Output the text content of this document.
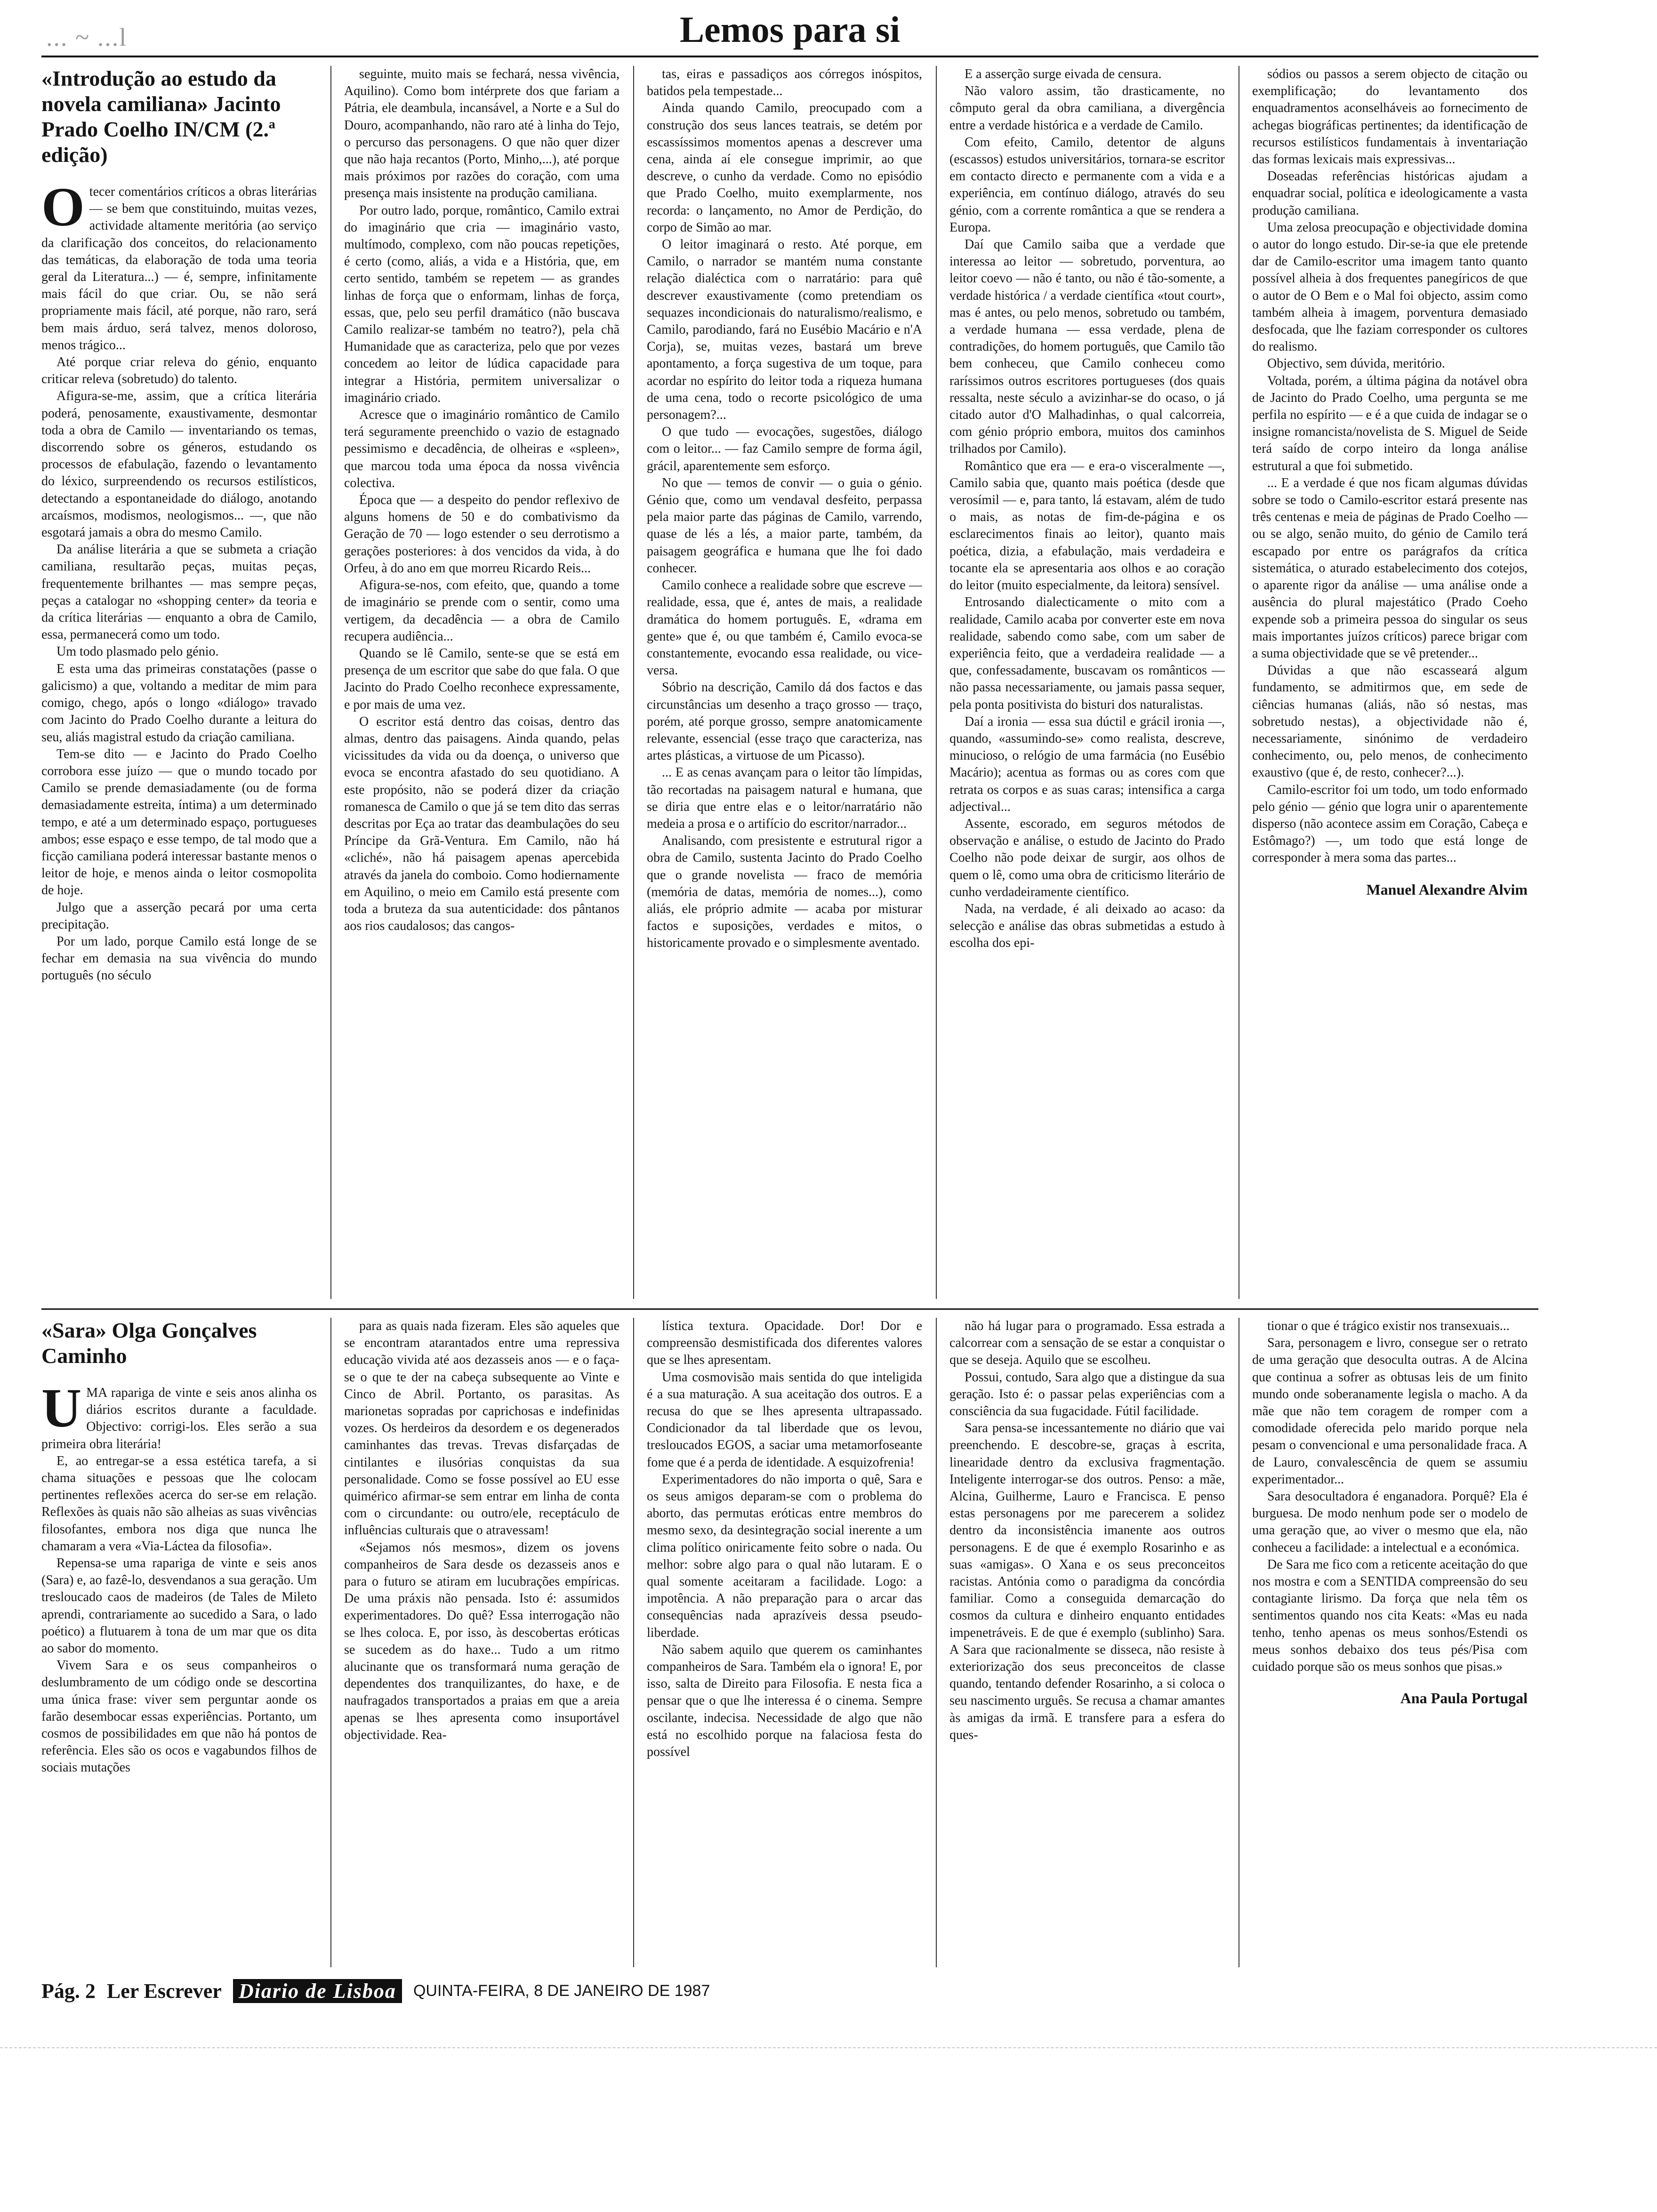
... ~ ...l	Lemos para si
«Introdução ao estudo da novela camiliana» Jacinto Prado Coelho IN/CM (2.ª edição)
O tecer comentários críticos a obras literárias — se bem que constituindo, muitas vezes, actividade altamente meritória (ao serviço da clarificação dos conceitos, do relacionamento das temáticas, da elaboração de toda uma teoria geral da Literatura...) — é, sempre, infinitamente mais fácil do que criar. Ou, se não será propriamente mais fácil, até porque, não raro, será bem mais árduo, será talvez, menos doloroso, menos trágico...

Até porque criar releva do génio, enquanto criticar releva (sobretudo) do talento.

Afigura-se-me, assim, que a crítica literária poderá, penosamente, exaustivamente, desmontar toda a obra de Camilo — inventariando os temas, discorrendo sobre os géneros, estudando os processos de efabulação, fazendo o levantamento do léxico, surpreendendo os recursos estilísticos, detectando a espontaneidade do diálogo, anotando arcaísmos, modismos, neologismos... —, que não esgotará jamais a obra do mesmo Camilo.

Da análise literária a que se submeta a criação camiliana, resultarão peças, muitas peças, frequentemente brilhantes — mas sempre peças, peças a catalogar no «shopping center» da teoria e da crítica literárias — enquanto a obra de Camilo, essa, permanecerá como um todo.

Um todo plasmado pelo génio.

E esta uma das primeiras constatações (passe o galicismo) a que, voltando a meditar de mim para comigo, chego, após o longo «diálogo» travado com Jacinto do Prado Coelho durante a leitura do seu, aliás magistral estudo da criação camiliana.

Tem-se dito — e Jacinto do Prado Coelho corrobora esse juízo — que o mundo tocado por Camilo se prende demasiadamente (ou de forma demasiadamente estreita, íntima) a um determinado tempo, e até a um determinado espaço, portugueses ambos; esse espaço e esse tempo, de tal modo que a ficção camiliana poderá interessar bastante menos o leitor de hoje, e menos ainda o leitor cosmopolita de hoje.

Julgo que a asserção pecará por uma certa precipitação.

Por um lado, porque Camilo está longe de se fechar em demasia na sua vivência do mundo português (no século

seguinte, muito mais se fechará, nessa vivência, Aquilino). Como bom intérprete dos que fariam a Pátria, ele deambula, incansável, a Norte e a Sul do Douro, acompanhando, não raro até à linha do Tejo, o percurso das personagens. O que não quer dizer que não haja recantos (Porto, Minho,...), até porque mais próximos por razões do coração, com uma presença mais insistente na produção camiliana.

Por outro lado, porque, romântico, Camilo extrai do imaginário que cria — imaginário vasto, multímodo, complexo, com não poucas repetições, é certo (como, aliás, a vida e a História, que, em certo sentido, também se repetem — as grandes linhas de força que o enformam, linhas de força, essas, que, pelo seu perfil dramático (não buscava Camilo realizar-se também no teatro?), pela chã Humanidade que as caracteriza, pelo que por vezes concedem ao leitor de lúdica capacidade para integrar a História, permitem universalizar o imaginário criado.

Acresce que o imaginário romântico de Camilo terá seguramente preenchido o vazio de estagnado pessimismo e decadência, de olheiras e «spleen», que marcou toda uma época da nossa vivência colectiva.

Época que — a despeito do pendor reflexivo de alguns homens de 50 e do combativismo da Geração de 70 — logo estender o seu derrotismo a gerações posteriores: à dos vencidos da vida, à do Orfeu, à do ano em que morreu Ricardo Reis...

Afigura-se-nos, com efeito, que, quando a tome de imaginário se prende com o sentir, como uma vertigem, da decadência — a obra de Camilo recupera audiência...

Quando se lê Camilo, sente-se que se está em presença de um escritor que sabe do que fala. O que Jacinto do Prado Coelho reconhece expressamente, e por mais de uma vez.

O escritor está dentro das coisas, dentro das almas, dentro das paisagens. Ainda quando, pelas vicissitudes da vida ou da doença, o universo que evoca se encontra afastado do seu quotidiano. A este propósito, não se poderá dizer da criação romanesca de Camilo o que já se tem dito das serras descritas por Eça ao tratar das deambulações do seu Príncipe da Grã-Ventura. Em Camilo, não há «cliché», não há paisagem apenas apercebida através da janela do comboio. Como hodiernamente em Aquilino, o meio em Camilo está presente com toda a bruteza da sua autenticidade: dos pântanos aos rios caudalosos; das cangos-

tas, eiras e passadiços aos córregos inóspitos, batidos pela tempestade...

Ainda quando Camilo, preocupado com a construção dos seus lances teatrais, se detém por escassíssimos momentos apenas a descrever uma cena, ainda aí ele consegue imprimir, ao que descreve, o cunho da verdade. Como no episódio que Prado Coelho, muito exemplarmente, nos recorda: o lançamento, no Amor de Perdição, do corpo de Simão ao mar.

O leitor imaginará o resto. Até porque, em Camilo, o narrador se mantém numa constante relação dialéctica com o narratário: para quê descrever exaustivamente (como pretendiam os sequazes incondicionais do naturalismo/realismo, e Camilo, parodiando, fará no Eusébio Macário e n'A Corja), se, muitas vezes, bastará um breve apontamento, a força sugestiva de um toque, para acordar no espírito do leitor toda a riqueza humana de uma cena, todo o recorte psicológico de uma personagem?...

O que tudo — evocações, sugestões, diálogo com o leitor... — faz Camilo sempre de forma ágil, grácil, aparentemente sem esforço.

No que — temos de convir — o guia o génio. Génio que, como um vendaval desfeito, perpassa pela maior parte das páginas de Camilo, varrendo, quase de lés a lés, a maior parte, também, da paisagem geográfica e humana que lhe foi dado conhecer.

Camilo conhece a realidade sobre que escreve — realidade, essa, que é, antes de mais, a realidade dramática do homem português. E, «drama em gente» que é, ou que também é, Camilo evoca-se constantemente, evocando essa realidade, ou vice-versa.

Sóbrio na descrição, Camilo dá dos factos e das circunstâncias um desenho a traço grosso — traço, porém, até porque grosso, sempre anatomicamente relevante, essencial (esse traço que caracteriza, nas artes plásticas, a virtuose de um Picasso).

... E as cenas avançam para o leitor tão límpidas, tão recortadas na paisagem natural e humana, que se diria que entre elas e o leitor/narratário não medeia a prosa e o artifício do escritor/narrador...

Analisando, com presistente e estrutural rigor a obra de Camilo, sustenta Jacinto do Prado Coelho que o grande novelista — fraco de memória (memória de datas, memória de nomes...), como aliás, ele próprio admite — acaba por misturar factos e suposições, verdades e mitos, o historicamente provado e o simplesmente aventado.

E a asserção surge eivada de censura.

Não valoro assim, tão drasticamente, no cômputo geral da obra camiliana, a divergência entre a verdade histórica e a verdade de Camilo.

Com efeito, Camilo, detentor de alguns (escassos) estudos universitários, tornara-se escritor em contacto directo e permanente com a vida e a experiência, em contínuo diálogo, através do seu génio, com a corrente romântica a que se rendera a Europa.

Daí que Camilo saiba que a verdade que interessa ao leitor — sobretudo, porventura, ao leitor coevo — não é tanto, ou não é tão-somente, a verdade histórica / a verdade científica «tout court», mas é antes, ou pelo menos, sobretudo ou também, a verdade humana — essa verdade, plena de contradições, do homem português, que Camilo tão bem conheceu, que Camilo conheceu como raríssimos outros escritores portugueses (dos quais ressalta, neste século a avizinhar-se do ocaso, o já citado autor d'O Malhadinhas, o qual calcorreia, com génio próprio embora, muitos dos caminhos trilhados por Camilo).

Romântico que era — e era-o visceralmente —, Camilo sabia que, quanto mais poética (desde que verosímil — e, para tanto, lá estavam, além de tudo o mais, as notas de fim-de-página e os esclarecimentos finais ao leitor), quanto mais poética, dizia, a efabulação, mais verdadeira e tocante ela se apresentaria aos olhos e ao coração do leitor (muito especialmente, da leitora) sensível.

Entrosando dialecticamente o mito com a realidade, Camilo acaba por converter este em nova realidade, sabendo como sabe, com um saber de experiência feito, que a verdadeira realidade — a que, confessadamente, buscavam os românticos — não passa necessariamente, ou jamais passa sequer, pela ponta positivista do bisturi dos naturalistas.

Daí a ironia — essa sua dúctil e grácil ironia —, quando, «assumindo-se» como realista, descreve, minucioso, o relógio de uma farmácia (no Eusébio Macário); acentua as formas ou as cores com que retrata os corpos e as suas caras; intensifica a carga adjectival...

Assente, escorado, em seguros métodos de observação e análise, o estudo de Jacinto do Prado Coelho não pode deixar de surgir, aos olhos de quem o lê, como uma obra de criticismo literário de cunho verdadeiramente científico.

Nada, na verdade, é ali deixado ao acaso: da selecção e análise das obras submetidas a estudo à escolha dos epi-

sódios ou passos a serem objecto de citação ou exemplificação; do levantamento dos enquadramentos aconselháveis ao fornecimento de achegas biográficas pertinentes; da identificação de recursos estilísticos fundamentais à inventariação das formas lexicais mais expressivas...

Doseadas referências históricas ajudam a enquadrar social, política e ideologicamente a vasta produção camiliana.

Uma zelosa preocupação e objectividade domina o autor do longo estudo. Dir-se-ia que ele pretende dar de Camilo-escritor uma imagem tanto quanto possível alheia à dos frequentes panegíricos de que o autor de O Bem e o Mal foi objecto, assim como também alheia à imagem, porventura demasiado desfocada, que lhe faziam corresponder os cultores do realismo.

Objectivo, sem dúvida, meritório.

Voltada, porém, a última página da notável obra de Jacinto do Prado Coelho, uma pergunta se me perfila no espírito — e é a que cuida de indagar se o insigne romancista/novelista de S. Miguel de Seide terá saído de corpo inteiro da longa análise estrutural a que foi submetido.

... E a verdade é que nos ficam algumas dúvidas sobre se todo o Camilo-escritor estará presente nas três centenas e meia de páginas de Prado Coelho — ou se algo, senão muito, do génio de Camilo terá escapado por entre os parágrafos da crítica sistemática, o aturado estabelecimento dos cotejos, o aparente rigor da análise — uma análise onde a ausência do plural majestático (Prado Coeho expende sob a primeira pessoa do singular os seus mais importantes juízos críticos) parece brigar com a suma objectividade que se vê pretender...

Dúvidas a que não escasseará algum fundamento, se admitirmos que, em sede de ciências humanas (aliás, não só nestas, mas sobretudo nestas), a objectividade não é, necessariamente, sinónimo de verdadeiro conhecimento, ou, pelo menos, de conhecimento exaustivo (que é, de resto, conhecer?...).

Camilo-escritor foi um todo, um todo enformado pelo génio — génio que logra unir o aparentemente disperso (não acontece assim em Coração, Cabeça e Estômago?) —, um todo que está longe de corresponder à mera soma das partes...

Manuel Alexandre Alvim
«Sara» Olga Gonçalves Caminho
U MA rapariga de vinte e seis anos alinha os diários escritos durante a faculdade. Objectivo: corrigi-los. Eles serão a sua primeira obra literária!

E, ao entregar-se a essa estética tarefa, a si chama situações e pessoas que lhe colocam pertinentes reflexões acerca do ser-se em relação. Reflexões às quais não são alheias as suas vivências filosofantes, embora nos diga que nunca lhe chamaram a vera «Via-Láctea da filosofia».

Repensa-se uma rapariga de vinte e seis anos (Sara) e, ao fazê-lo, desvendanos a sua geração. Um tresloucado caos de madeiros (de Tales de Mileto aprendi, contrariamente ao sucedido a Sara, o lado poético) a flutuarem à tona de um mar que os dita ao sabor do momento.

Vivem Sara e os seus companheiros o deslumbramento de um código onde se descortina uma única frase: viver sem perguntar aonde os farão desembocar essas experiências. Portanto, um cosmos de possibilidades em que não há pontos de referência. Eles são os ocos e vagabundos filhos de sociais mutações

para as quais nada fizeram. Eles são aqueles que se encontram atarantados entre uma repressiva educação vivida até aos dezasseis anos — e o faça-se o que te der na cabeça subsequente ao Vinte e Cinco de Abril. Portanto, os parasitas. As marionetas sopradas por caprichosas e indefinidas vozes. Os herdeiros da desordem e os degenerados caminhantes das trevas. Trevas disfarçadas de cintilantes e ilusórias conquistas da sua personalidade. Como se fosse possível ao EU esse quimérico afirmar-se sem entrar em linha de conta com o circundante: ou outro/ele, receptáculo de influências culturais que o atravessam!

«Sejamos nós mesmos», dizem os jovens companheiros de Sara desde os dezasseis anos e para o futuro se atiram em lucubrações empíricas. De uma práxis não pensada. Isto é: assumidos experimentadores. Do quê? Essa interrogação não se lhes coloca. E, por isso, às descobertas eróticas se sucedem as do haxe... Tudo a um ritmo alucinante que os transformará numa geração de dependentes dos tranquilizantes, do haxe, e de naufragados transportados a praias em que a areia apenas se lhes apresenta como insuportável objectividade. Rea-

lística textura. Opacidade. Dor! Dor e compreensão desmistificada dos diferentes valores que se lhes apresentam.

Uma cosmovisão mais sentida do que inteligida é a sua maturação. A sua aceitação dos outros. E a recusa do que se lhes apresenta ultrapassado. Condicionador da tal liberdade que os levou, tresloucados EGOS, a saciar uma metamorfoseante fome que é a perda de identidade. A esquizofrenia!

Experimentadores do não importa o quê, Sara e os seus amigos deparam-se com o problema do aborto, das permutas eróticas entre membros do mesmo sexo, da desintegração social inerente a um clima político oniricamente feito sobre o nada. Ou melhor: sobre algo para o qual não lutaram. E o qual somente aceitaram a facilidade. Logo: a impotência. A não preparação para o arcar das consequências nada aprazíveis dessa pseudo-liberdade.

Não sabem aquilo que querem os caminhantes companheiros de Sara. Também ela o ignora! E, por isso, salta de Direito para Filosofia. E nesta fica a pensar que o que lhe interessa é o cinema. Sempre oscilante, indecisa. Necessidade de algo que não está no escolhido porque na falaciosa festa do possível

não há lugar para o programado. Essa estrada a calcorrear com a sensação de se estar a conquistar o que se deseja. Aquilo que se escolheu.

Possui, contudo, Sara algo que a distingue da sua geração. Isto é: o passar pelas experiências com a consciência da sua fugacidade. Fútil facilidade.

Sara pensa-se incessantemente no diário que vai preenchendo. E descobre-se, graças à escrita, linearidade dentro da exclusiva fragmentação. Inteligente interrogar-se dos outros. Penso: a mãe, Alcina, Guilherme, Lauro e Francisca. E penso estas personagens por me parecerem a solidez dentro da inconsistência imanente aos outros personagens. E de que é exemplo Rosarinho e as suas «amigas». O Xana e os seus preconceitos racistas. Antónia como o paradigma da concórdia familiar. Como a conseguida demarcação do cosmos da cultura e dinheiro enquanto entidades impenetráveis. E de que é exemplo (sublinho) Sara. A Sara que racionalmente se disseca, não resiste à exteriorização dos seus preconceitos de classe quando, tentando defender Rosarinho, a si coloca o seu nascimento urguês. Se recusa a chamar amantes às amigas da irmã. E transfere para a esfera do ques-

tionar o que é trágico existir nos transexuais...

Sara, personagem e livro, consegue ser o retrato de uma geração que desoculta outras. A de Alcina que continua a sofrer as obtusas leis de um finito mundo onde soberanamente legisla o macho. A da mãe que não tem coragem de romper com a comodidade oferecida pelo marido porque nela pesam o convencional e uma personalidade fraca. A de Lauro, convalescência de quem se assumiu experimentador...

Sara desocultadora é enganadora. Porquê? Ela é burguesa. De modo nenhum pode ser o modelo de uma geração que, ao viver o mesmo que ela, não conheceu a facilidade: a intelectual e a económica.

De Sara me fico com a reticente aceitação do que nos mostra e com a SENTIDA compreensão do seu contagiante lirismo. Da força que nela têm os sentimentos quando nos cita Keats: «Mas eu nada tenho, tenho apenas os meus sonhos/Estendi os meus sonhos debaixo dos teus pés/Pisa com cuidado porque são os meus sonhos que pisas.»

Ana Paula Portugal
Pág. 2 Ler Escrever Diario de Lisboa	QUINTA-FEIRA, 8 DE JANEIRO DE 1987
